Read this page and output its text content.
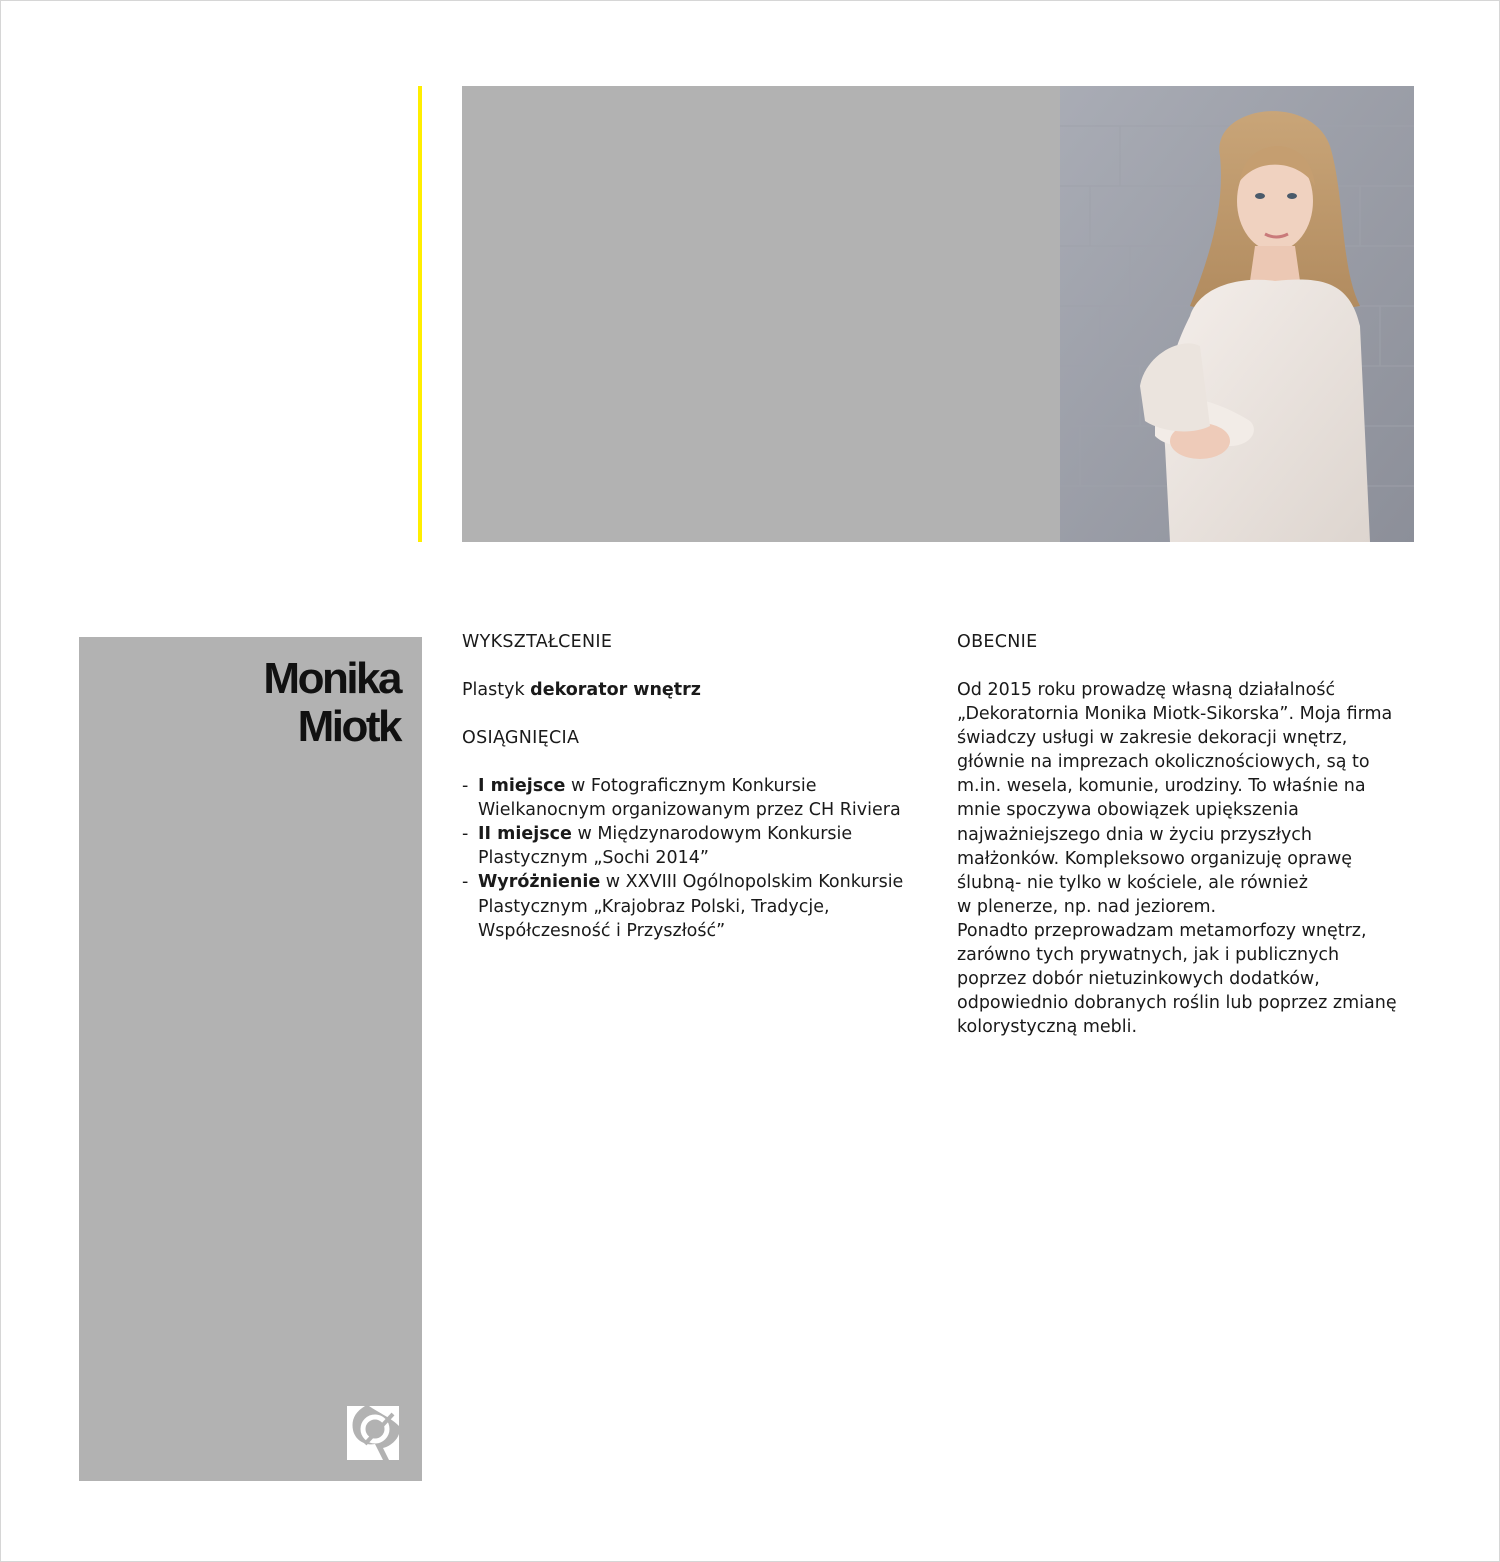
Monika
Miotk
WYKSZTAŁCENIE

Plastyk dekorator wnętrz

OSIĄGNIĘCIA
- I miejsce w Fotograficznym Konkursie
Wielkanocnym organizowanym przez CH Riviera
- II miejsce w Międzynarodowym Konkursie
Plastycznym „Sochi 2014”
- Wyróżnienie w XXVIII Ogólnopolskim Konkursie
Plastycznym „Krajobraz Polski, Tradycje,
Współczesność i Przyszłość”
OBECNIE
Od 2015 roku prowadzę własną działalność
„Dekoratornia Monika Miotk-Sikorska”. Moja firma
świadczy usługi w zakresie dekoracji wnętrz,
głównie na imprezach okolicznościowych, są to
m.in. wesela, komunie, urodziny. To właśnie na
mnie spoczywa obowiązek upiększenia
najważniejszego dnia w życiu przyszłych
małżonków. Kompleksowo organizuję oprawę
ślubną- nie tylko w kościele, ale również
w plenerze, np. nad jeziorem.
Ponadto przeprowadzam metamorfozy wnętrz,
zarówno tych prywatnych, jak i publicznych
poprzez dobór nietuzinkowych dodatków,
odpowiednio dobranych roślin lub poprzez zmianę
kolorystyczną mebli.
